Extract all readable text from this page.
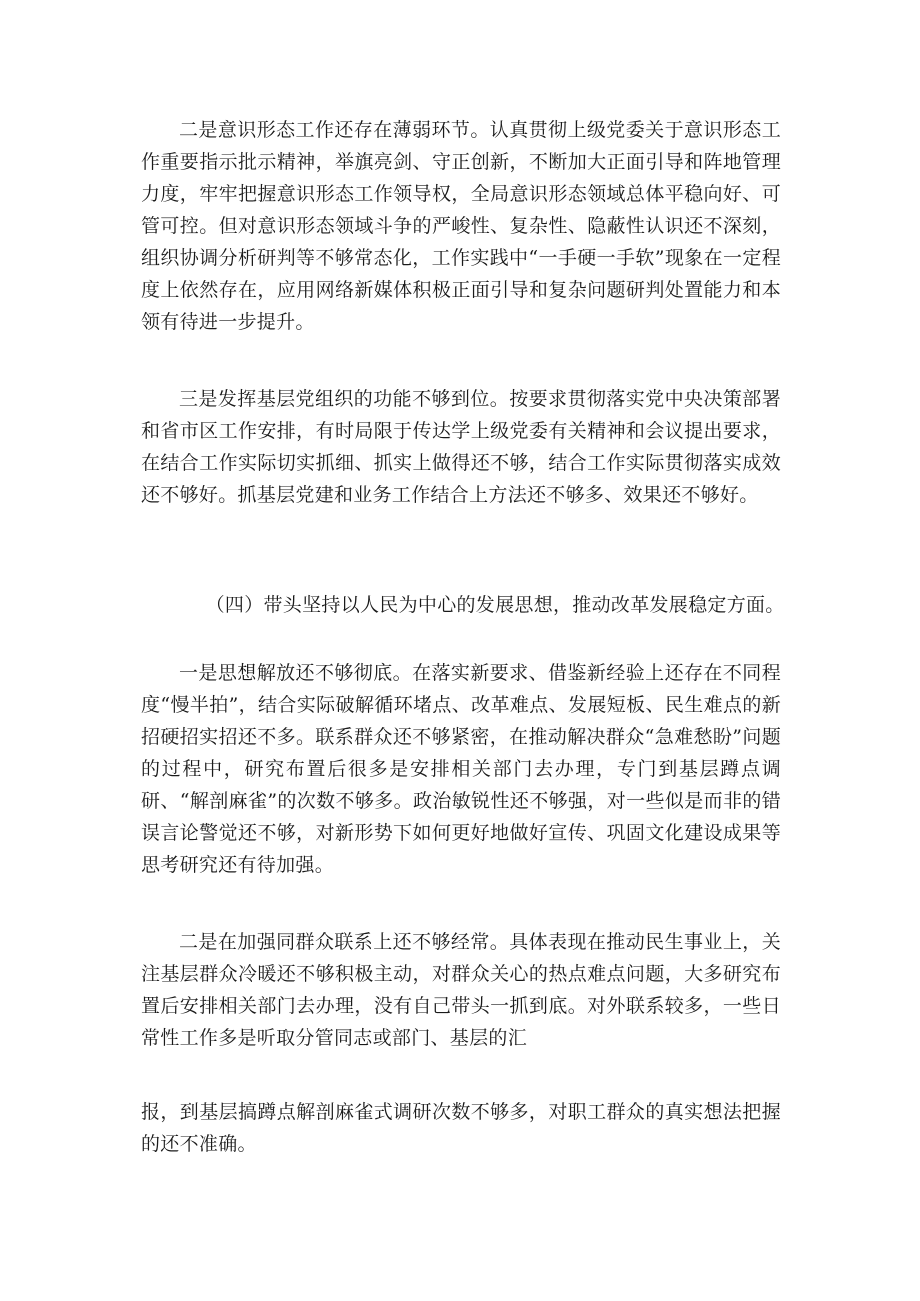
二是意识形态工作还存在薄弱环节。认真贯彻上级党委关于意识形态工作重要指示批示精神，举旗亮剑、守正创新，不断加大正面引导和阵地管理力度，牢牢把握意识形态工作领导权，全局意识形态领域总体平稳向好、可管可控。但对意识形态领域斗争的严峻性、复杂性、隐蔽性认识还不深刻，组织协调分析研判等不够常态化，工作实践中“一手硬一手软”现象在一定程度上依然存在，应用网络新媒体积极正面引导和复杂问题研判处置能力和本领有待进一步提升。

三是发挥基层党组织的功能不够到位。按要求贯彻落实党中央决策部署和省市区工作安排，有时局限于传达学上级党委有关精神和会议提出要求，在结合工作实际切实抓细、抓实上做得还不够，结合工作实际贯彻落实成效还不够好。抓基层党建和业务工作结合上方法还不够多、效果还不够好。

（四）带头坚持以人民为中心的发展思想，推动改革发展稳定方面。

一是思想解放还不够彻底。在落实新要求、借鉴新经验上还存在不同程度“慢半拍”，结合实际破解循环堵点、改革难点、发展短板、民生难点的新招硬招实招还不多。联系群众还不够紧密，在推动解决群众“急难愁盼”问题的过程中，研究布置后很多是安排相关部门去办理，专门到基层蹲点调研、“解剖麻雀”的次数不够多。政治敏锐性还不够强，对一些似是而非的错误言论警觉还不够，对新形势下如何更好地做好宣传、巩固文化建设成果等思考研究还有待加强。

二是在加强同群众联系上还不够经常。具体表现在推动民生事业上，关注基层群众冷暖还不够积极主动，对群众关心的热点难点问题，大多研究布置后安排相关部门去办理，没有自己带头一抓到底。对外联系较多，一些日常性工作多是听取分管同志或部门、基层的汇

报，到基层搞蹲点解剖麻雀式调研次数不够多，对职工群众的真实想法把握的还不准确。
